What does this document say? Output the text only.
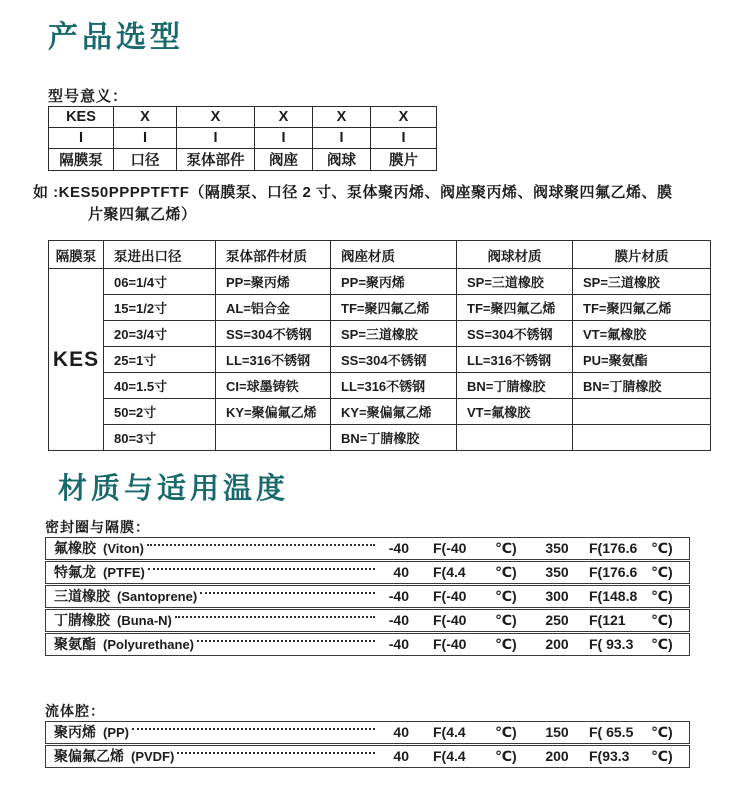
产品选型
型号意义：
KES	X	X	X	X	X
I	I	I	I	I	I
隔膜泵	口径	泵体部件	阀座	阀球	膜片
如 :KES50PPPPTFTF（隔膜泵、口径 2 寸、泵体聚丙烯、阀座聚丙烯、阀球聚四氟乙烯、膜
片聚四氟乙烯）
隔膜泵	泵进出口径	泵体部件材质	阀座材质	阀球材质	膜片材质
KES	06=1/4寸	PP=聚丙烯	PP=聚丙烯	SP=三道橡胶	SP=三道橡胶
	15=1/2寸	AL=铝合金	TF=聚四氟乙烯	TF=聚四氟乙烯	TF=聚四氟乙烯
	20=3/4寸	SS=304不锈钢	SP=三道橡胶	SS=304不锈钢	VT=氟橡胶
	25=1寸	LL=316不锈钢	SS=304不锈钢	LL=316不锈钢	PU=聚氨酯
	40=1.5寸	CI=球墨铸铁	LL=316不锈钢	BN=丁腈橡胶	BN=丁腈橡胶
	50=2寸	KY=聚偏氟乙烯	KY=聚偏氟乙烯	VT=氟橡胶	
	80=3寸		BN=丁腈橡胶		
材质与适用温度
密封圈与隔膜：
氟橡胶 (Viton)	-40 F(-40	℃)	350	F(176.6 ℃)
特氟龙 (PTFE)	40 F(4.4	℃)	350	F(176.6 ℃)
三道橡胶 (Santoprene)	-40 F(-40	℃)	300	F(148.8 ℃)
丁腈橡胶 (Buna-N)	-40 F(-40	℃)	250	F(121	℃)
聚氨酯 (Polyurethane)	-40 F(-40	℃)	200	F( 93.3	℃)
流体腔：
聚丙烯 (PP)	40 F(4.4	℃)	150	F( 65.5	℃)
聚偏氟乙烯 (PVDF)	40 F(4.4	℃)	200	F(93.3	℃)
